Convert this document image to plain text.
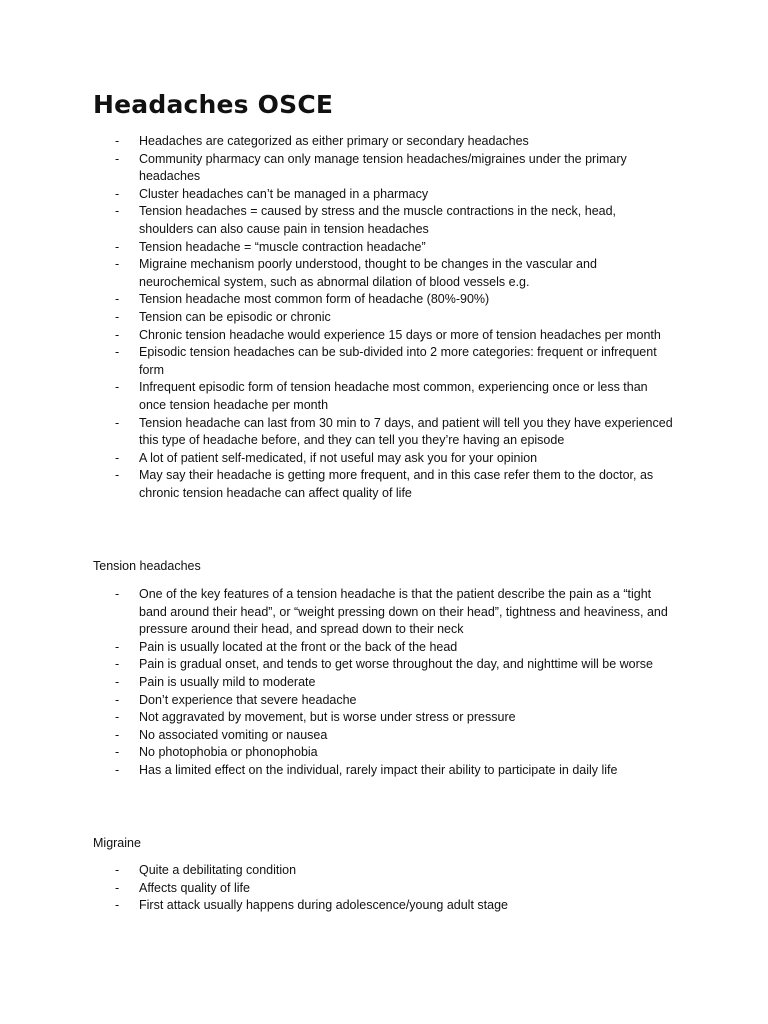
Headaches OSCE
- Headaches are categorized as either primary or secondary headaches
- Community pharmacy can only manage tension headaches/migraines under the primary headaches
- Cluster headaches can’t be managed in a pharmacy
- Tension headaches = caused by stress and the muscle contractions in the neck, head, shoulders can also cause pain in tension headaches
- Tension headache = “muscle contraction headache”
- Migraine mechanism poorly understood, thought to be changes in the vascular and neurochemical system, such as abnormal dilation of blood vessels e.g.
- Tension headache most common form of headache (80%-90%)
- Tension can be episodic or chronic
- Chronic tension headache would experience 15 days or more of tension headaches per month
- Episodic tension headaches can be sub-divided into 2 more categories: frequent or infrequent form
- Infrequent episodic form of tension headache most common, experiencing once or less than once tension headache per month
- Tension headache can last from 30 min to 7 days, and patient will tell you they have experienced this type of headache before, and they can tell you they’re having an episode
- A lot of patient self-medicated, if not useful may ask you for your opinion
- May say their headache is getting more frequent, and in this case refer them to the doctor, as chronic tension headache can affect quality of life

Tension headaches

- One of the key features of a tension headache is that the patient describe the pain as a “tight band around their head”, or “weight pressing down on their head”, tightness and heaviness, and pressure around their head, and spread down to their neck
- Pain is usually located at the front or the back of the head
- Pain is gradual onset, and tends to get worse throughout the day, and nighttime will be worse
- Pain is usually mild to moderate
- Don’t experience that severe headache
- Not aggravated by movement, but is worse under stress or pressure
- No associated vomiting or nausea
- No photophobia or phonophobia
- Has a limited effect on the individual, rarely impact their ability to participate in daily life

Migraine

- Quite a debilitating condition
- Affects quality of life
- First attack usually happens during adolescence/young adult stage
